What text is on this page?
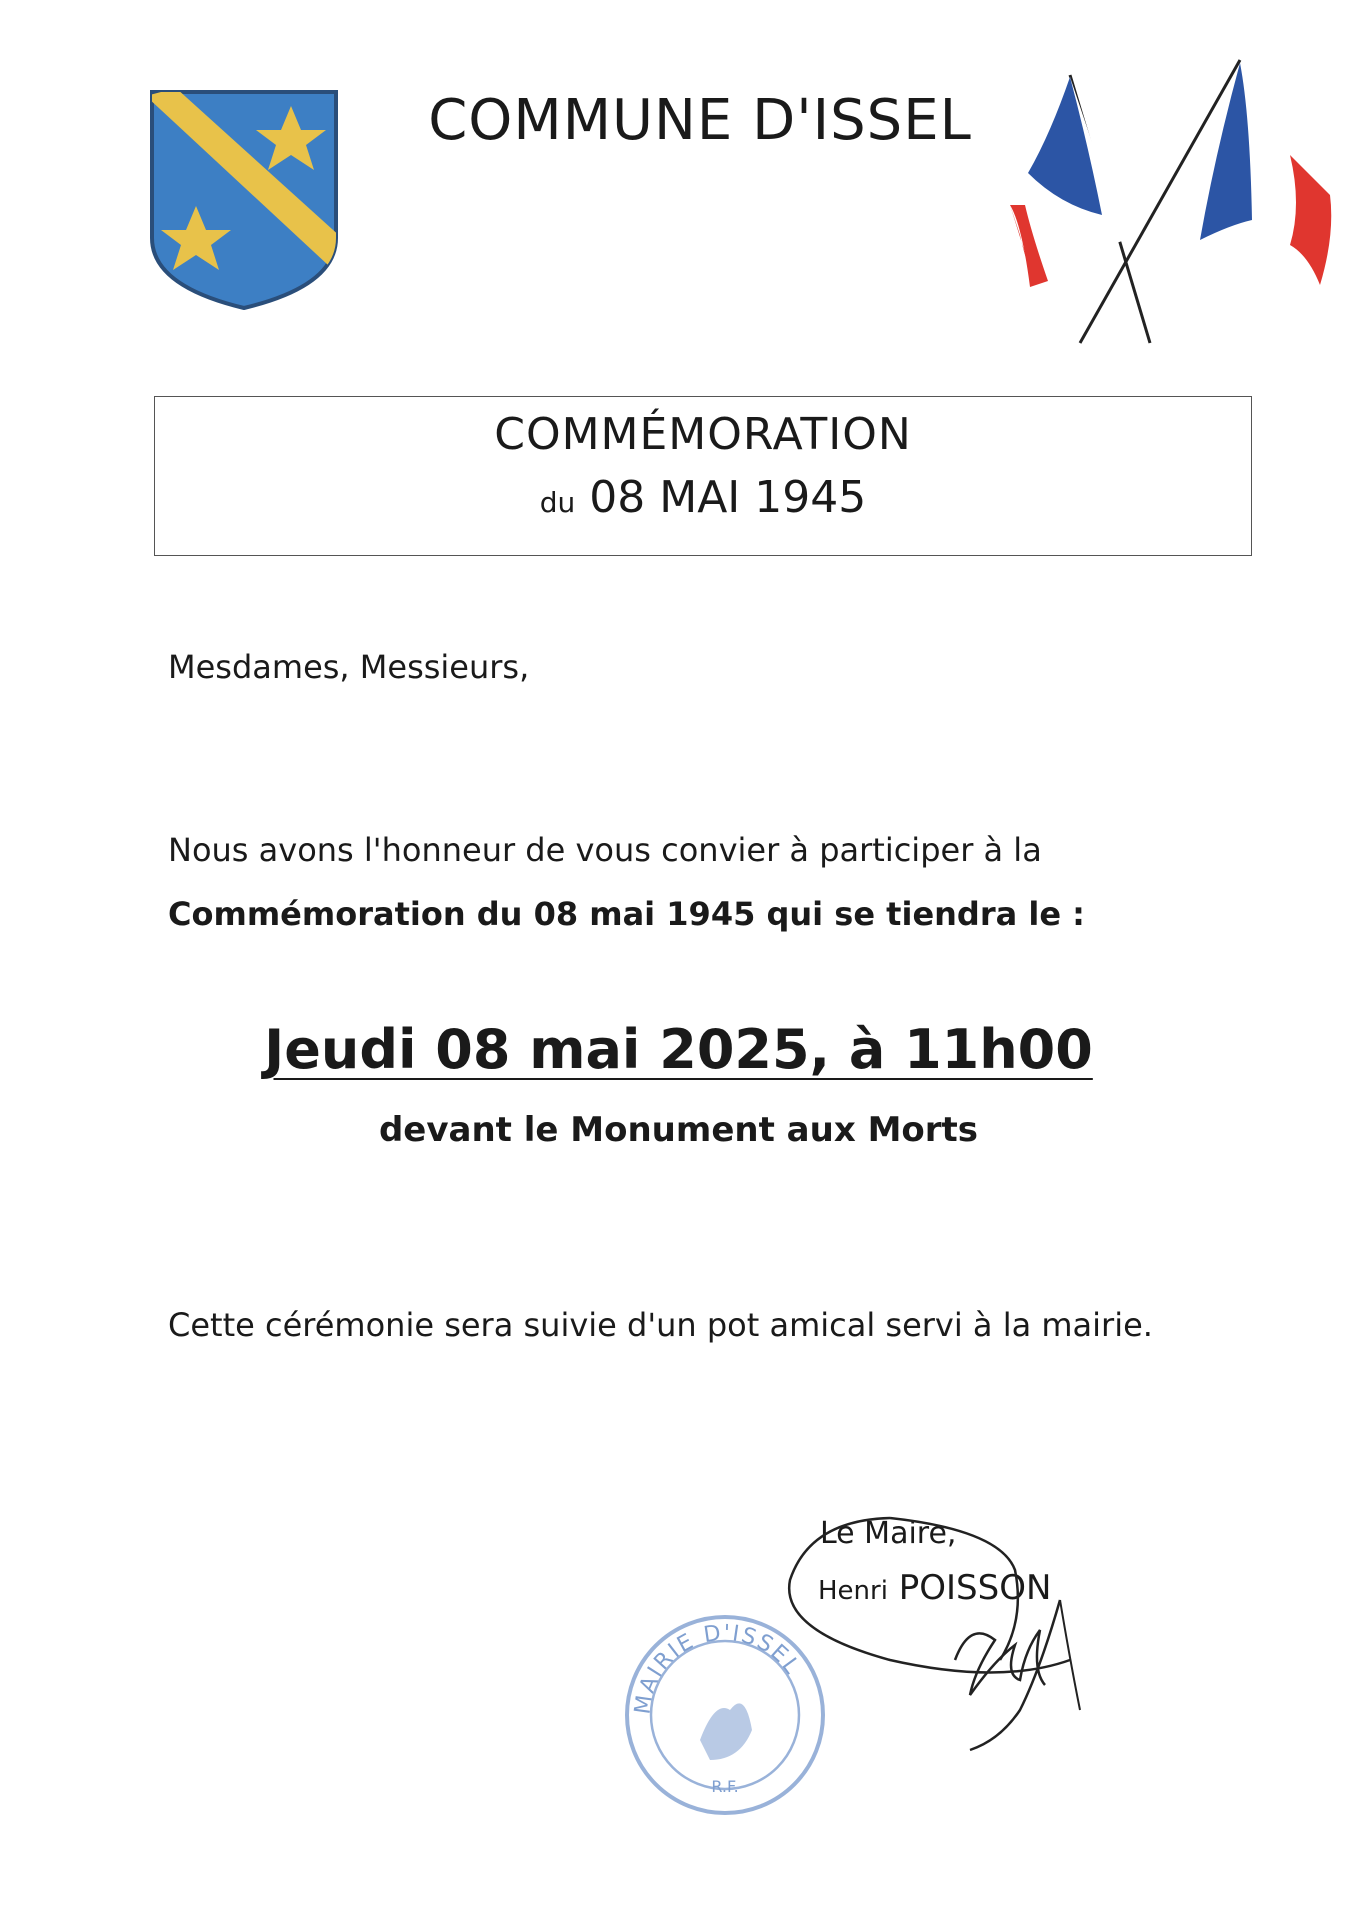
COMMUNE D'ISSEL
COMMÉMORATION
du 08 MAI 1945

Mesdames, Messieurs,

Nous avons l'honneur de vous convier à participer à la
Commémoration du 08 mai 1945 qui se tiendra le :

Jeudi 08 mai 2025, à 11h00

devant le Monument aux Morts

Cette cérémonie sera suivie d'un pot amical servi à la mairie.

Le Maire,

Henri POISSON

MAIRIE D'ISSEL
R.F.
